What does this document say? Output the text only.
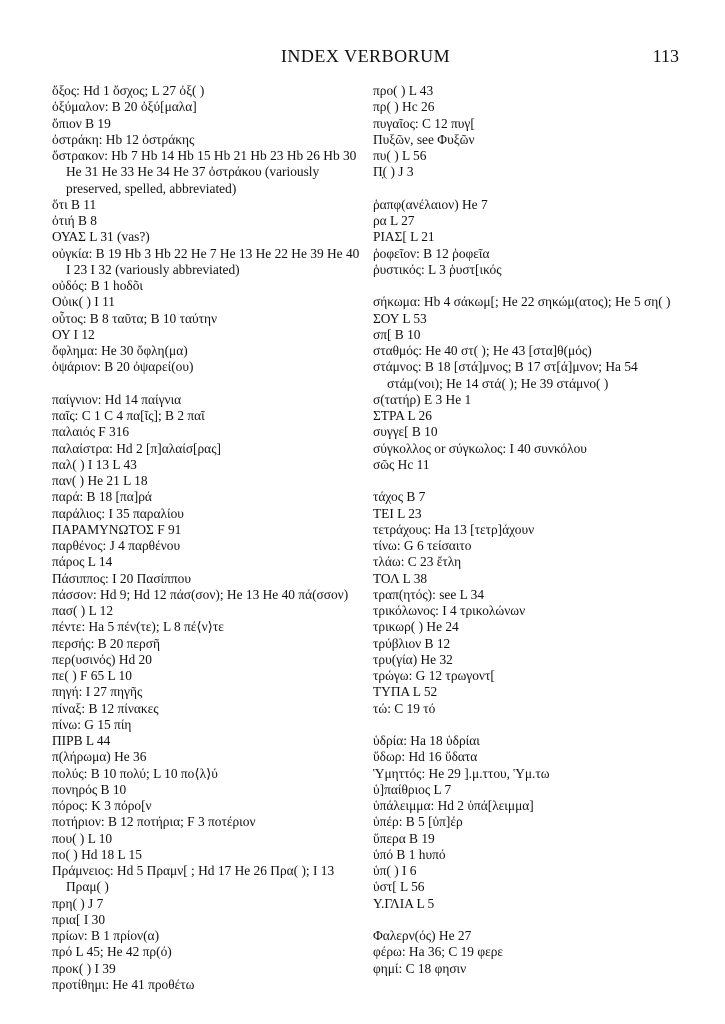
INDEX VERBORUM	113
ὄξος: Hd 1 ὄσχος; L 27 ὀξ( )
ὀξύμαλον: B 20 ὀξύ[μαλα]
ὄπιον B 19
ὀστράκη: Hb 12 ὀστράκης
ὄστρακον: Hb 7 Hb 14 Hb 15 Hb 21 Hb 23 Hb 26 Hb 30 He 31 He 33 He 34 He 37 ὀστράκου (variously preserved, spelled, abbreviated)
ὅτι B 11
ὀτιή B 8
ΟΥΑΣ L 31 (vas?)
οὐγκία: B 19 Hb 3 Hb 22 He 7 He 13 He 22 He 39 He 40 I 23 I 32 (variously abbreviated)
οὐδός: B 1 hοδõι
Οὐικ( ) I 11
οὗτος: B 8 ταῦτα; B 10 ταύτην
ΟΥ I 12
ὄφλημα: He 30 ὄφλη(μα)
ὀψάριον: B 20 ὀψαρεί(ου)
παίγνιον: Hd 14 παίγνια
παῖς: C 1 C 4 πα[ῖς]; B 2 παῖ
παλαιός F 316
παλαίστρα: Hd 2 [π]αλαίσ[ρας]
παλ( ) I 13 L 43
παν( ) He 21 L 18
παρά: B 18 [πα]ρά
παράλιος: I 35 παραλίου
ΠΑΡΑΜΥΝΩΤΟΣ F 91
παρθένος: J 4 παρθένου
πάρος L 14
Πάσιππος: I 20 Πασίππου
πάσσον: Hd 9; Hd 12 πάσ(σον); He 13 He 40 πά(σσον)
πασ( ) L 12
πέντε: Ha 5 πέν(τε); L 8 πέ⟨ν⟩τε
περσής: B 20 περσῆ
περ(υσινός) Hd 20
πε( ) F 65 L 10
πηγή: I 27 πηγῆς
πίναξ: B 12 πίνακες
πίνω: G 15 πίη
ΠΙΡΒ L 44
π(λήρωμα) He 36
πολύς: B 10 πολύ; L 10 πο⟨λ⟩ύ
πονηρός B 10
πόρος: K 3 πόρο[ν
ποτήριον: B 12 ποτήρια; F 3 ποτέριον
που( ) L 10
πο( ) Hd 18 L 15
Πράμνειος: Hd 5 Πραμν[ ; Hd 17 He 26 Πρα( ); I 13 Πραμ( )
πρη( ) J 7
πρια[ I 30
πρίων: B 1 πρίον(α)
πρό L 45; He 42 πρ(ό)
προκ( ) I 39
προτίθημι: He 41 προθέτω
προ( ) L 43
πρ( ) Hc 26
πυγαῖος: C 12 πυγ[
Πυξῶν, see Φυξῶν
πυ( ) L 56
Π̣( ) J 3
ῥαπφ(ανέλαιον) He 7
ρα L 27
ΡΙΑΣ[ L 21
ῥοφεῖον: B 12 ῥοφεῖα
ῥυστικός: L 3 ῥυστ[ικός
σήκωμα: Hb 4 σάκωμ[; He 22 σηκώμ(ατος); He 5 ση( )
ΣΟΥ L 53
σπ[ B 10
σταθμός: He 40 στ( ); He 43 [στα]θ(μός)
στάμνος: B 18 [στά]μνος; B 17 στ[ά]μνον; Ha 54 στάμ(νοι); He 14 στά( ); He 39 στάμνο( )
σ(τατήρ) E 3 He 1
ΣΤΡΑ L 26
συγγε[ B 10
σύγκολλος or σύγκωλος: I 40 συνκόλου
σῶς Hc 11
τάχος B 7
ΤΕΙ L 23
τετράχους: Ha 13 [τετρ]άχουν
τίνω: G 6 τείσαιτο
τλάω: C 23 ἔτλη
ΤΟΛ L 38
τραπ(ητός): see L 34
τρικόλωνος: I 4 τρικολώνων
τρικωρ( ) He 24
τρύβλιον B 12
τρυ(γία) He 32
τρώγω: G 12 τρωγοντ[
ΤΥΠΑ L 52
τώ: C 19 τό
ὑδρία: Ha 18 ὑδρίαι
ὕδωρ: Hd 16 ὕδατα
Ὑμηττός: He 29 ].μ.ττου, Ὑμ.τω
ὑ]παίθριος L 7
ὑπάλειμμα: Hd 2 ὑπά[λειμμα]
ὑπέρ: B 5 [ὑπ]έρ
ὕπερα B 19
ὑπό B 1 hυπό
ὑπ( ) I 6
ὑστ[ L 56
Υ.ΓΛΙΑ L 5
Φαλερν(ός) He 27
φέρω: Ha 36; C 19 φερε
φημί: C 18 φησιν
